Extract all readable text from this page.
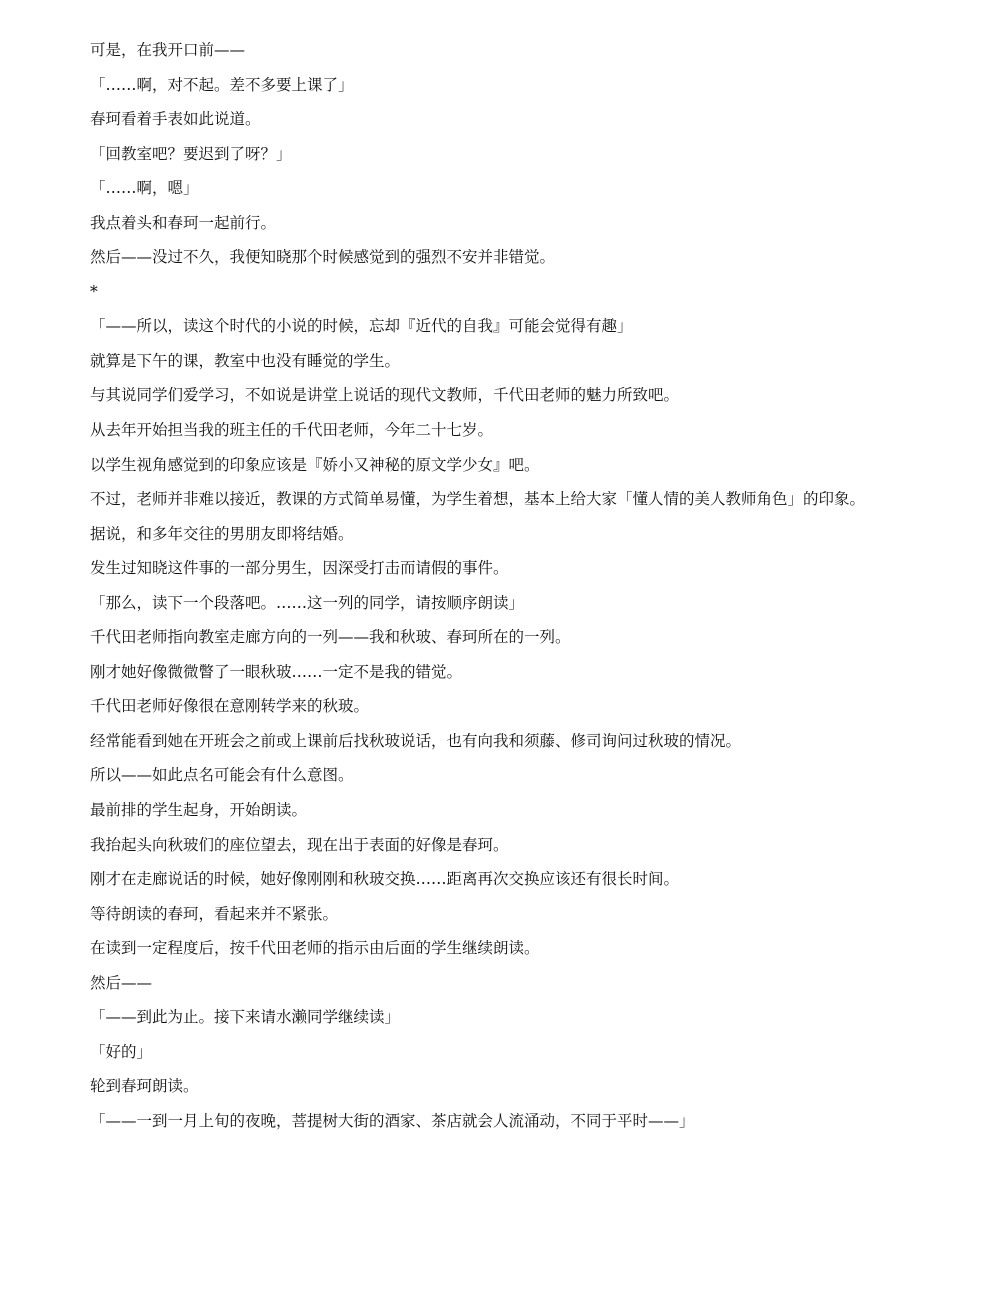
可是，在我开口前——

「……啊，对不起。差不多要上课了」

春珂看着手表如此说道。

「回教室吧？要迟到了呀？」

「……啊，嗯」

我点着头和春珂一起前行。

然后——没过不久，我便知晓那个时候感觉到的强烈不安并非错觉。

*

「——所以，读这个时代的小说的时候，忘却『近代的自我』可能会觉得有趣」

就算是下午的课，教室中也没有睡觉的学生。

与其说同学们爱学习，不如说是讲堂上说话的现代文教师，千代田老师的魅力所致吧。

从去年开始担当我的班主任的千代田老师，今年二十七岁。

以学生视角感觉到的印象应该是『娇小又神秘的原文学少女』吧。

不过，老师并非难以接近，教课的方式简单易懂，为学生着想，基本上给大家「懂人情的美人教师角色」的印象。

据说，和多年交往的男朋友即将结婚。

发生过知晓这件事的一部分男生，因深受打击而请假的事件。

「那么，读下一个段落吧。……这一列的同学，请按顺序朗读」

千代田老师指向教室走廊方向的一列——我和秋玻、春珂所在的一列。

刚才她好像微微瞥了一眼秋玻……一定不是我的错觉。

千代田老师好像很在意刚转学来的秋玻。

经常能看到她在开班会之前或上课前后找秋玻说话，也有向我和须藤、修司询问过秋玻的情况。

所以——如此点名可能会有什么意图。

最前排的学生起身，开始朗读。

我抬起头向秋玻们的座位望去，现在出于表面的好像是春珂。

刚才在走廊说话的时候，她好像刚刚和秋玻交换……距离再次交换应该还有很长时间。

等待朗读的春珂，看起来并不紧张。

在读到一定程度后，按千代田老师的指示由后面的学生继续朗读。

然后——

「——到此为止。接下来请水濑同学继续读」

「好的」

轮到春珂朗读。

「——一到一月上旬的夜晚，菩提树大街的酒家、茶店就会人流涌动，不同于平时——」
